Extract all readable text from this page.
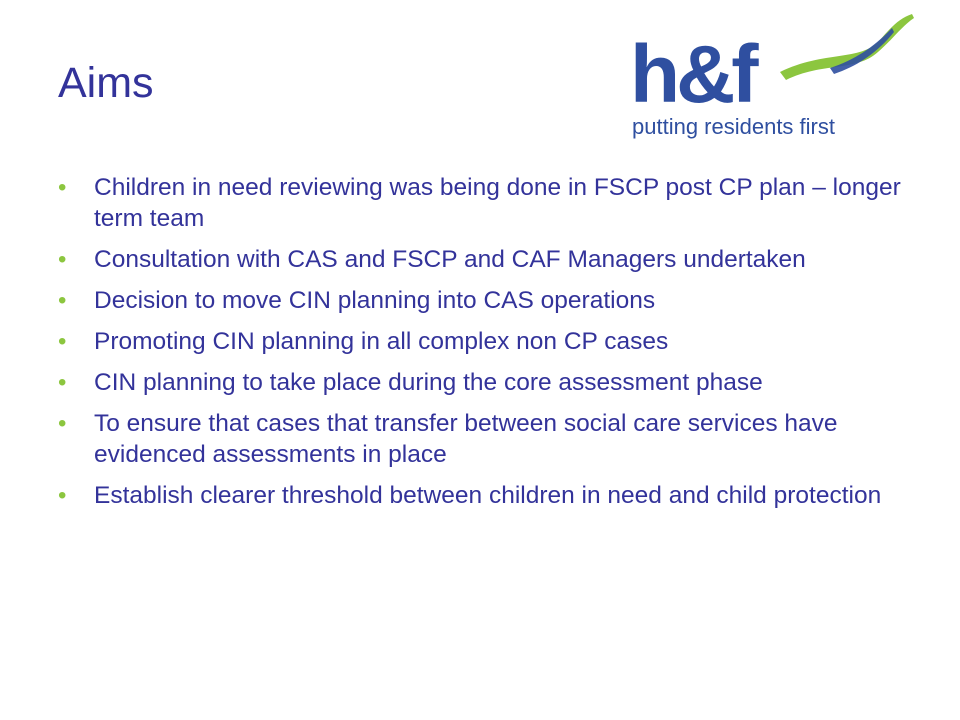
Aims	h&f
putting residents first
• Children in need reviewing was being done in FSCP post CP plan – longer term team
• Consultation with CAS and FSCP and CAF Managers undertaken
• Decision to move CIN planning into CAS operations
• Promoting CIN planning in all complex non CP cases
• CIN planning to take place during the core assessment phase
• To ensure that cases that transfer between social care services have evidenced assessments in place
• Establish clearer threshold between children in need and child protection
